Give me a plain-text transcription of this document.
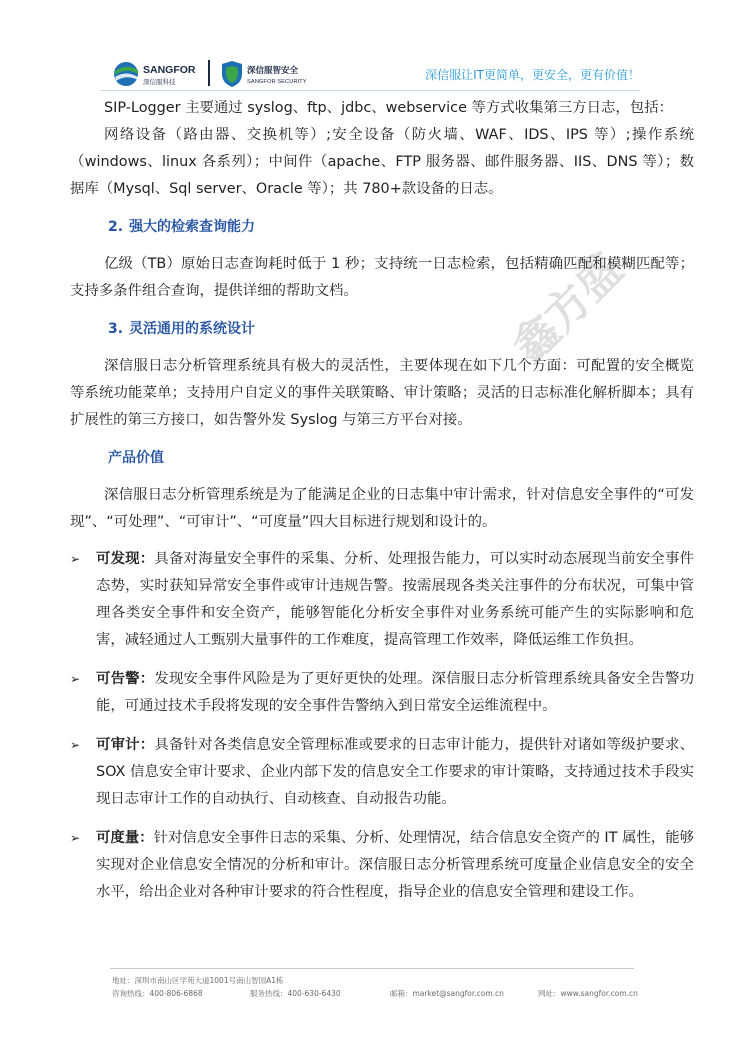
SANGFOR
深信服科技
深信服智安全
SANGFOR SECURITY	深信服让IT更简单，更安全，更有价值！
鑫方盛

SIP-Logger 主要通过 syslog、ftp、jdbc、webservice 等方式收集第三方日志，包括：

网络设备（路由器、交换机等）;安全设备（防火墙、WAF、IDS、IPS 等）;操作系统（windows、linux 各系列）；中间件（apache、FTP 服务器、邮件服务器、IIS、DNS 等）；数据库（Mysql、Sql server、Oracle 等）；共 780+款设备的日志。

2. 强大的检索查询能力

亿级（TB）原始日志查询耗时低于 1 秒；支持统一日志检索，包括精确匹配和模糊匹配等；支持多条件组合查询，提供详细的帮助文档。

3. 灵活通用的系统设计

深信服日志分析管理系统具有极大的灵活性，主要体现在如下几个方面：可配置的安全概览等系统功能菜单；支持用户自定义的事件关联策略、审计策略；灵活的日志标准化解析脚本；具有扩展性的第三方接口，如告警外发 Syslog 与第三方平台对接。

产品价值

深信服日志分析管理系统是为了能满足企业的日志集中审计需求，针对信息安全事件的“可发现”、“可处理”、“可审计”、“可度量”四大目标进行规划和设计的。

➢ 可发现：具备对海量安全事件的采集、分析、处理报告能力，可以实时动态展现当前安全事件态势，实时获知异常安全事件或审计违规告警。按需展现各类关注事件的分布状况，可集中管理各类安全事件和安全资产，能够智能化分析安全事件对业务系统可能产生的实际影响和危害，减轻通过人工甄别大量事件的工作难度，提高管理工作效率，降低运维工作负担。
➢ 可告警：发现安全事件风险是为了更好更快的处理。深信服日志分析管理系统具备安全告警功能，可通过技术手段将发现的安全事件告警纳入到日常安全运维流程中。
➢ 可审计：具备针对各类信息安全管理标准或要求的日志审计能力，提供针对诸如等级护要求、SOX 信息安全审计要求、企业内部下发的信息安全工作要求的审计策略，支持通过技术手段实现日志审计工作的自动执行、自动核查、自动报告功能。
➢ 可度量：针对信息安全事件日志的采集、分析、处理情况，结合信息安全资产的 IT 属性，能够实现对企业信息安全情况的分析和审计。深信服日志分析管理系统可度量企业信息安全的安全水平，给出企业对各种审计要求的符合性程度，指导企业的信息安全管理和建设工作。
地址：深圳市南山区学苑大道1001号南山智园A1栋
咨询热线：400-806-6868	服务热线：400-630-6430	邮箱：market@sangfor.com.cn	网址：www.sangfor.com.cn
